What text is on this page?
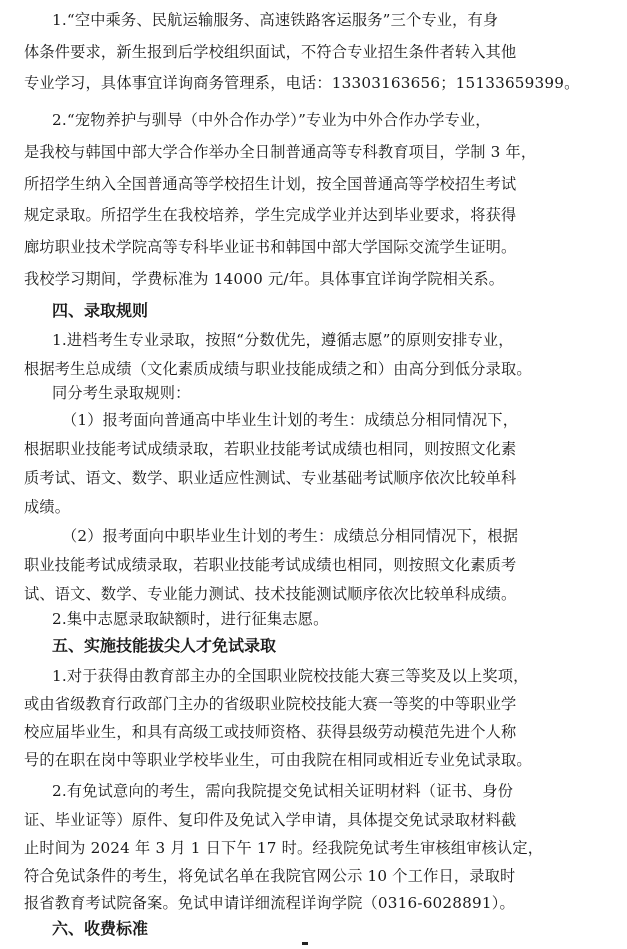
1.“空中乘务、民航运输服务、高速铁路客运服务”三个专业，有身
体条件要求，新生报到后学校组织面试，不符合专业招生条件者转入其他
专业学习，具体事宜详询商务管理系，电话：13303163656；15133659399。
2.“宠物养护与驯导（中外合作办学）”专业为中外合作办学专业，
是我校与韩国中部大学合作举办全日制普通高等专科教育项目，学制 3 年，
所招学生纳入全国普通高等学校招生计划，按全国普通高等学校招生考试
规定录取。所招学生在我校培养，学生完成学业并达到毕业要求，将获得
廊坊职业技术学院高等专科毕业证书和韩国中部大学国际交流学生证明。
我校学习期间，学费标准为 14000 元/年。具体事宜详询学院相关系。
四、录取规则
1.进档考生专业录取，按照“分数优先，遵循志愿”的原则安排专业，
根据考生总成绩（文化素质成绩与职业技能成绩之和）由高分到低分录取。
同分考生录取规则：
（1）报考面向普通高中毕业生计划的考生：成绩总分相同情况下，
根据职业技能考试成绩录取，若职业技能考试成绩也相同，则按照文化素
质考试、语文、数学、职业适应性测试、专业基础考试顺序依次比较单科
成绩。
（2）报考面向中职毕业生计划的考生：成绩总分相同情况下，根据
职业技能考试成绩录取，若职业技能考试成绩也相同，则按照文化素质考
试、语文、数学、专业能力测试、技术技能测试顺序依次比较单科成绩。
2.集中志愿录取缺额时，进行征集志愿。
五、实施技能拔尖人才免试录取
1.对于获得由教育部主办的全国职业院校技能大赛三等奖及以上奖项，
或由省级教育行政部门主办的省级职业院校技能大赛一等奖的中等职业学
校应届毕业生，和具有高级工或技师资格、获得县级劳动模范先进个人称
号的在职在岗中等职业学校毕业生，可由我院在相同或相近专业免试录取。
2.有免试意向的考生，需向我院提交免试相关证明材料（证书、身份
证、毕业证等）原件、复印件及免试入学申请，具体提交免试录取材料截
止时间为 2024 年 3 月 1 日下午 17 时。经我院免试考生审核组审核认定，
符合免试条件的考生，将免试名单在我院官网公示 10 个工作日，录取时
报省教育考试院备案。免试申请详细流程详询学院（0316-6028891）。
六、收费标准
